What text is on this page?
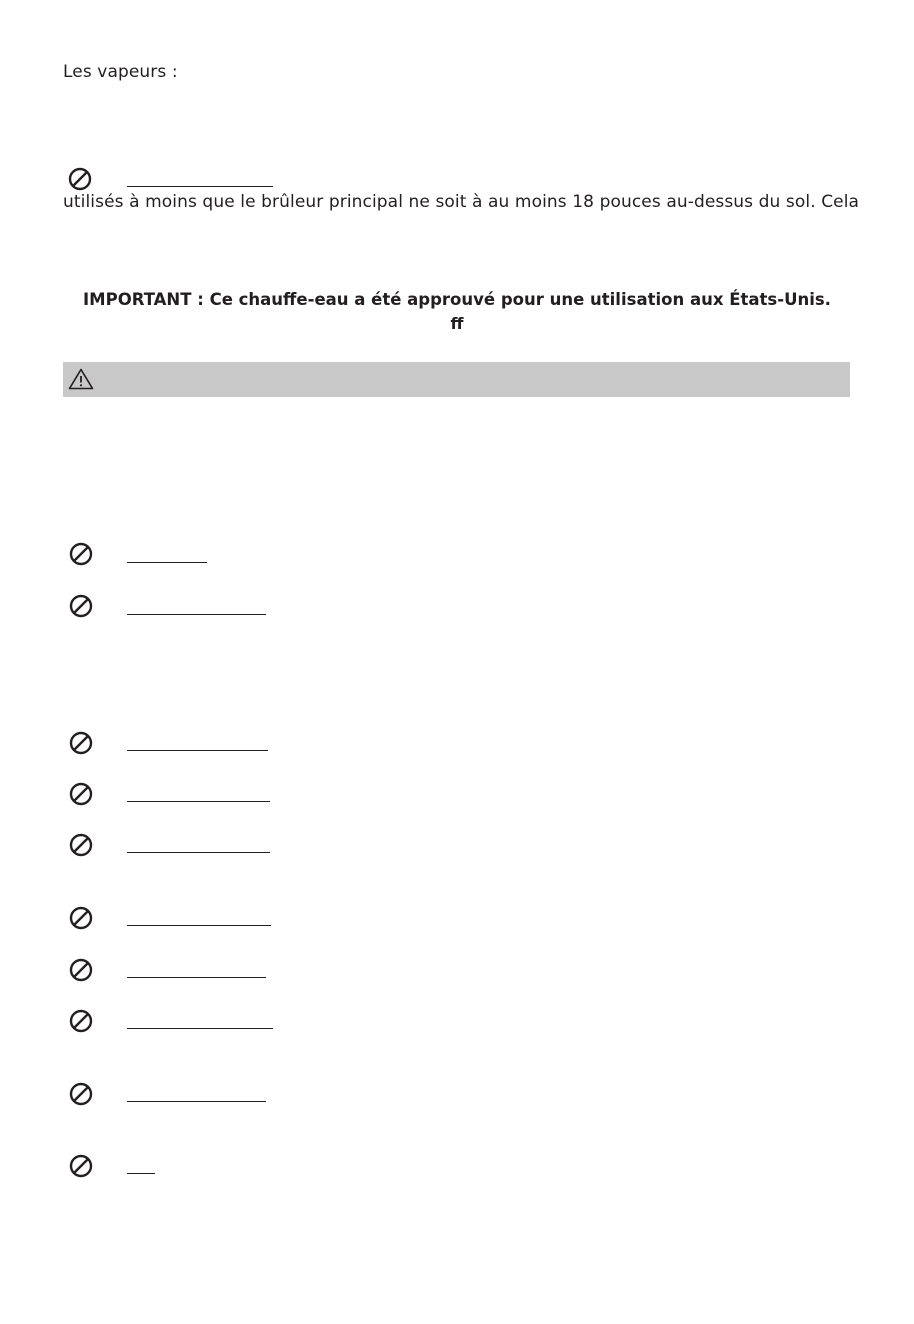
Les vapeurs :
utilisés à moins que le brûleur principal ne soit à au moins 18 pouces au-dessus du sol. Cela
IMPORTANT : Ce chauffe-eau a été approuvé pour une utilisation aux États-Unis.
ff
